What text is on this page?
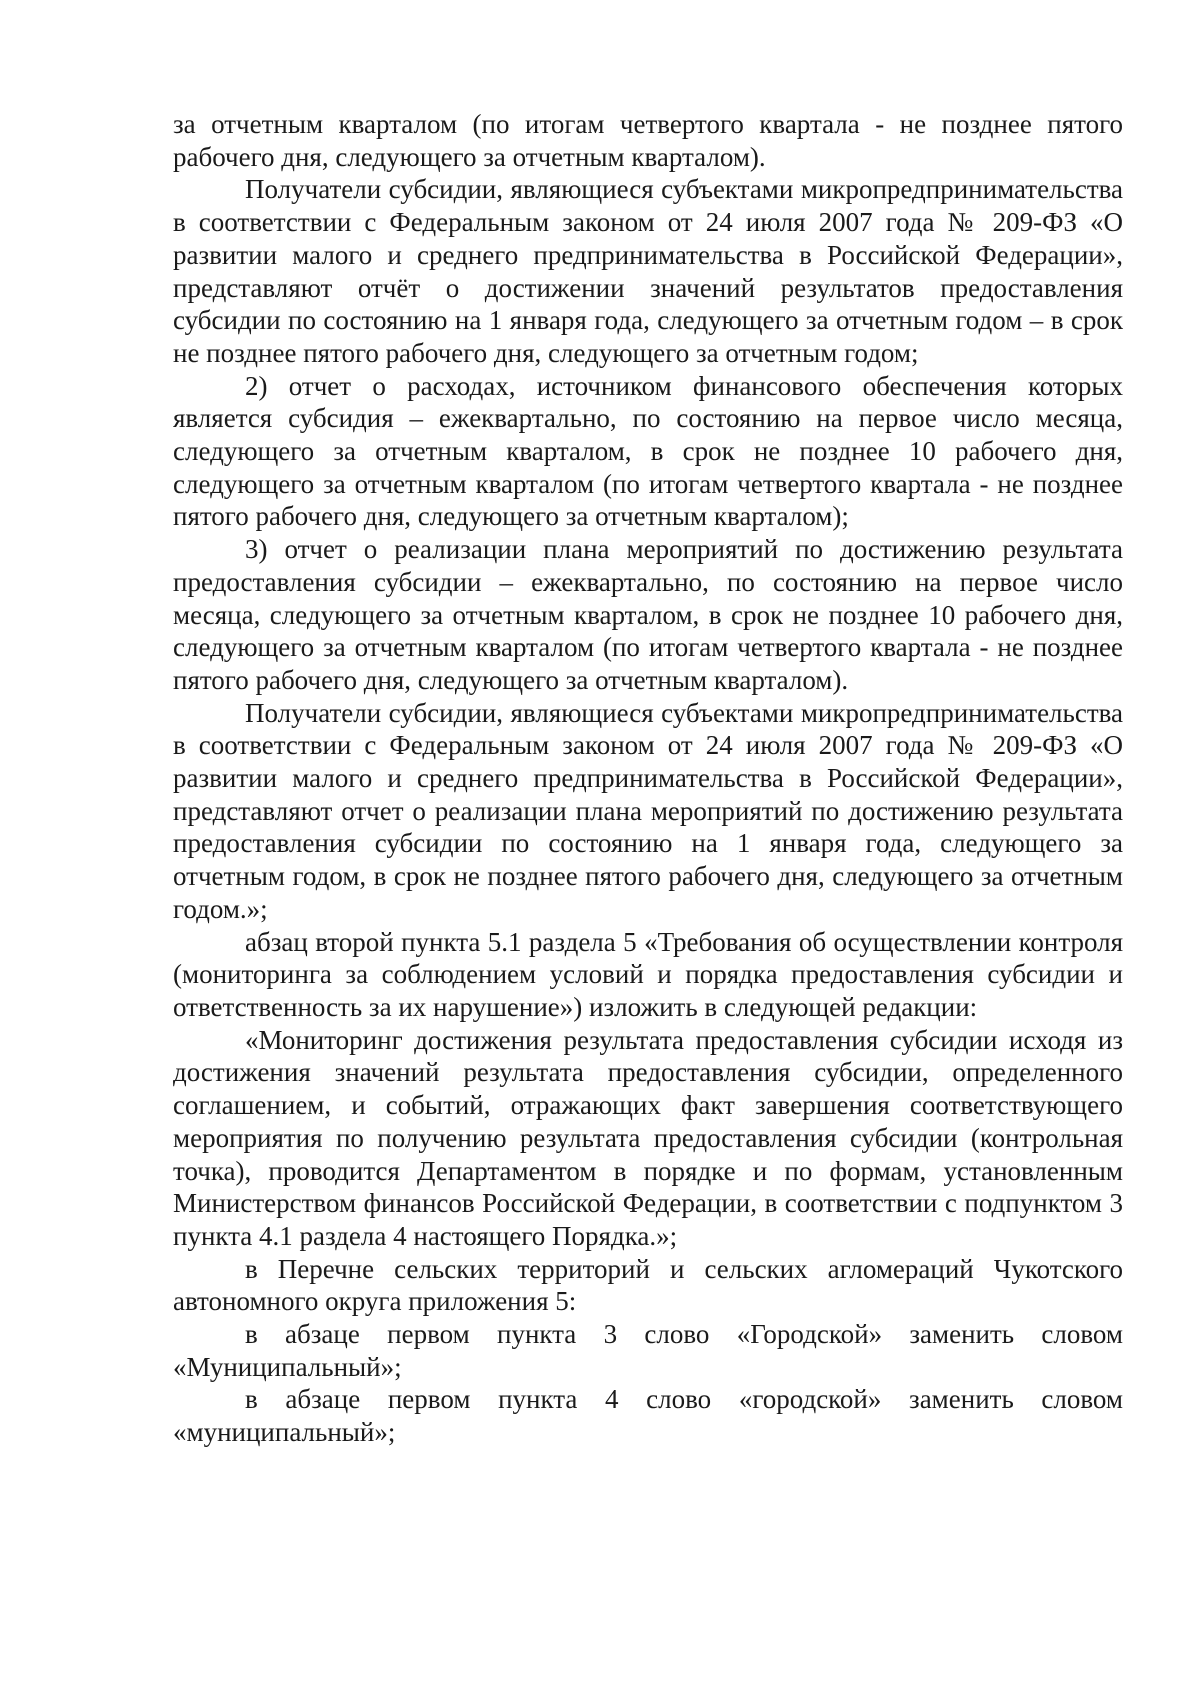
за отчетным кварталом (по итогам четвертого квартала - не позднее пятого рабочего дня, следующего за отчетным кварталом).

Получатели субсидии, являющиеся субъектами микропредпринимательства в соответствии с Федеральным законом от 24 июля 2007 года № 209-ФЗ «О развитии малого и среднего предпринимательства в Российской Федерации», представляют отчёт о достижении значений результатов предоставления субсидии по состоянию на 1 января года, следующего за отчетным годом – в срок не позднее пятого рабочего дня, следующего за отчетным годом;

2) отчет о расходах, источником финансового обеспечения которых является субсидия – ежеквартально, по состоянию на первое число месяца, следующего за отчетным кварталом, в срок не позднее 10 рабочего дня, следующего за отчетным кварталом (по итогам четвертого квартала - не позднее пятого рабочего дня, следующего за отчетным кварталом);

3) отчет о реализации плана мероприятий по достижению результата предоставления субсидии – ежеквартально, по состоянию на первое число месяца, следующего за отчетным кварталом, в срок не позднее 10 рабочего дня, следующего за отчетным кварталом (по итогам четвертого квартала - не позднее пятого рабочего дня, следующего за отчетным кварталом).

Получатели субсидии, являющиеся субъектами микропредпринимательства в соответствии с Федеральным законом от 24 июля 2007 года № 209-ФЗ «О развитии малого и среднего предпринимательства в Российской Федерации», представляют отчет о реализации плана мероприятий по достижению результата предоставления субсидии по состоянию на 1 января года, следующего за отчетным годом, в срок не позднее пятого рабочего дня, следующего за отчетным годом.»;

абзац второй пункта 5.1 раздела 5 «Требования об осуществлении контроля (мониторинга за соблюдением условий и порядка предоставления субсидии и ответственность за их нарушение») изложить в следующей редакции:

«Мониторинг достижения результата предоставления субсидии исходя из достижения значений результата предоставления субсидии, определенного соглашением, и событий, отражающих факт завершения соответствующего мероприятия по получению результата предоставления субсидии (контрольная точка), проводится Департаментом в порядке и по формам, установленным Министерством финансов Российской Федерации, в соответствии с подпунктом 3 пункта 4.1 раздела 4 настоящего Порядка.»;

в Перечне сельских территорий и сельских агломераций Чукотского автономного округа приложения 5:

в абзаце первом пункта 3 слово «Городской» заменить словом «Муниципальный»;

в абзаце первом пункта 4 слово «городской» заменить словом «муниципальный»;
